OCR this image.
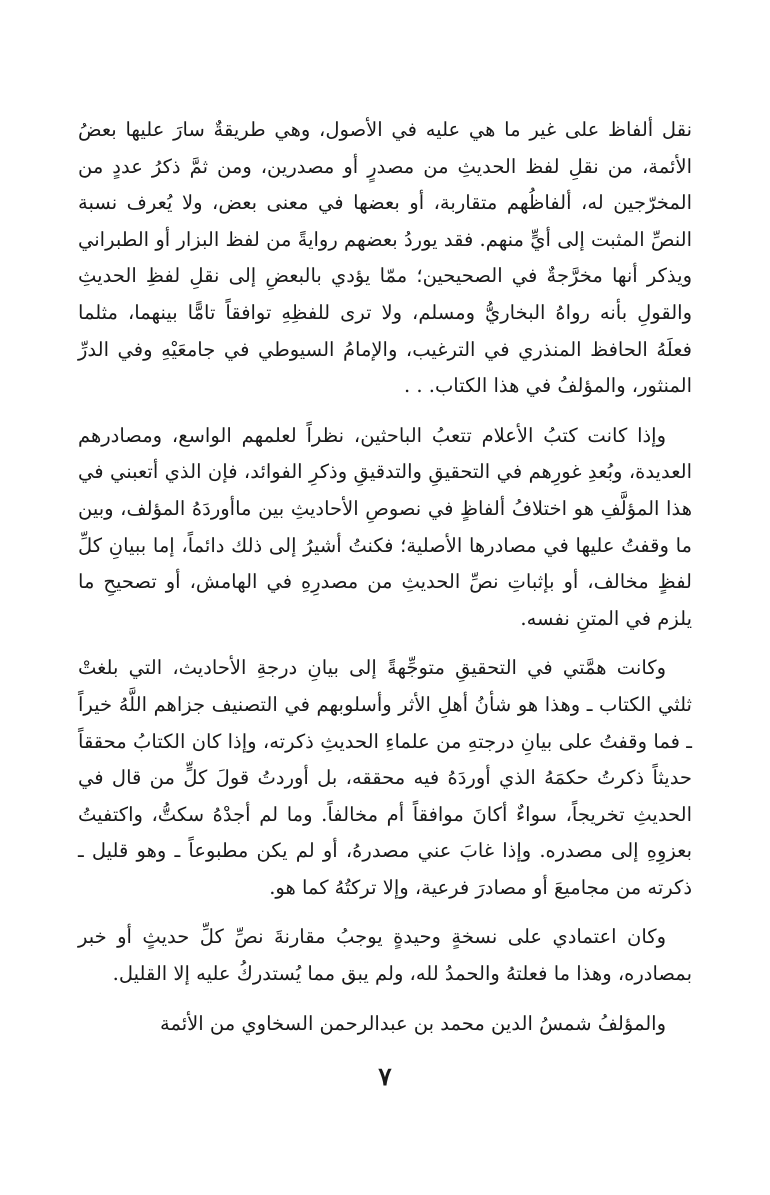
نقل ألفاظ على غير ما هي عليه في الأصول، وهي طريقةٌ سارَ عليها بعضُ الأئمة، من نقلِ لفظ الحديثِ من مصدرٍ أو مصدرين، ومن ثمَّ ذكرُ عددٍ من المخرّجين له، ألفاظُهم متقاربة، أو بعضها في معنى بعض، ولا يُعرف نسبة النصِّ المثبت إلى أيٍّ منهم. فقد يوردُ بعضهم روايةً من لفظ البزار أو الطبراني ويذكر أنها مخرَّجةٌ في الصحيحين؛ ممّا يؤدي بالبعضِ إلى نقلِ لفظِ الحديثِ والقولِ بأنه رواهُ البخاريُّ ومسلم، ولا ترى للفظِهِ توافقاً تامًّا بينهما، مثلما فعلَهُ الحافظ المنذري في الترغيب، والإمامُ السيوطي في جامعَيْهِ وفي الدرِّ المنثور، والمؤلفُ في هذا الكتاب. . .

وإذا كانت كتبُ الأعلام تتعبُ الباحثين، نظراً لعلمهم الواسع، ومصادرهم العديدة، وبُعدِ غورِهم في التحقيقِ والتدقيقِ وذكرِ الفوائد، فإن الذي أتعبني في هذا المؤلَّفِ هو اختلافُ ألفاظٍ في نصوصِ الأحاديثِ بين ماأوردَهُ المؤلف، وبين ما وقفتُ عليها في مصادرها الأصلية؛ فكنتُ أشيرُ إلى ذلك دائماً، إما ببيانِ كلِّ لفظٍ مخالف، أو بإثباتِ نصِّ الحديثِ من مصدرِهِ في الهامش، أو تصحيحِ ما يلزم في المتنِ نفسه.

وكانت همَّتي في التحقيقِ متوجِّهةً إلى بيانِ درجةِ الأحاديث، التي بلغتْ ثلثي الكتاب ـ وهذا هو شأنُ أهلِ الأثر وأسلوبهم في التصنيف جزاهم اللَّهُ خيراً ـ فما وقفتُ على بيانِ درجتهِ من علماءِ الحديثِ ذكرته، وإذا كان الكتابُ محققاً حديثاً ذكرتُ حكمَهُ الذي أوردَهُ فيه محققه، بل أوردتُ قولَ كلٍّ من قال في الحديثِ تخريجاً، سواءٌ أكانَ موافقاً أم مخالفاً. وما لم أجدْهُ سكتُّ، واكتفيتُ بعزوِهِ إلى مصدره. وإذا غابَ عني مصدرهُ، أو لم يكن مطبوعاً ـ وهو قليل ـ ذكرته من مجاميعَ أو مصادرَ فرعية، وإلا تركتُهُ كما هو.

وكان اعتمادي على نسخةٍ وحيدةٍ يوجبُ مقارنةَ نصِّ كلِّ حديثٍ أو خبر بمصادره، وهذا ما فعلتهُ والحمدُ لله، ولم يبق مما يُستدركُ عليه إلا القليل.

والمؤلفُ شمسُ الدين محمد بن عبدالرحمن السخاوي من الأئمة

٧
